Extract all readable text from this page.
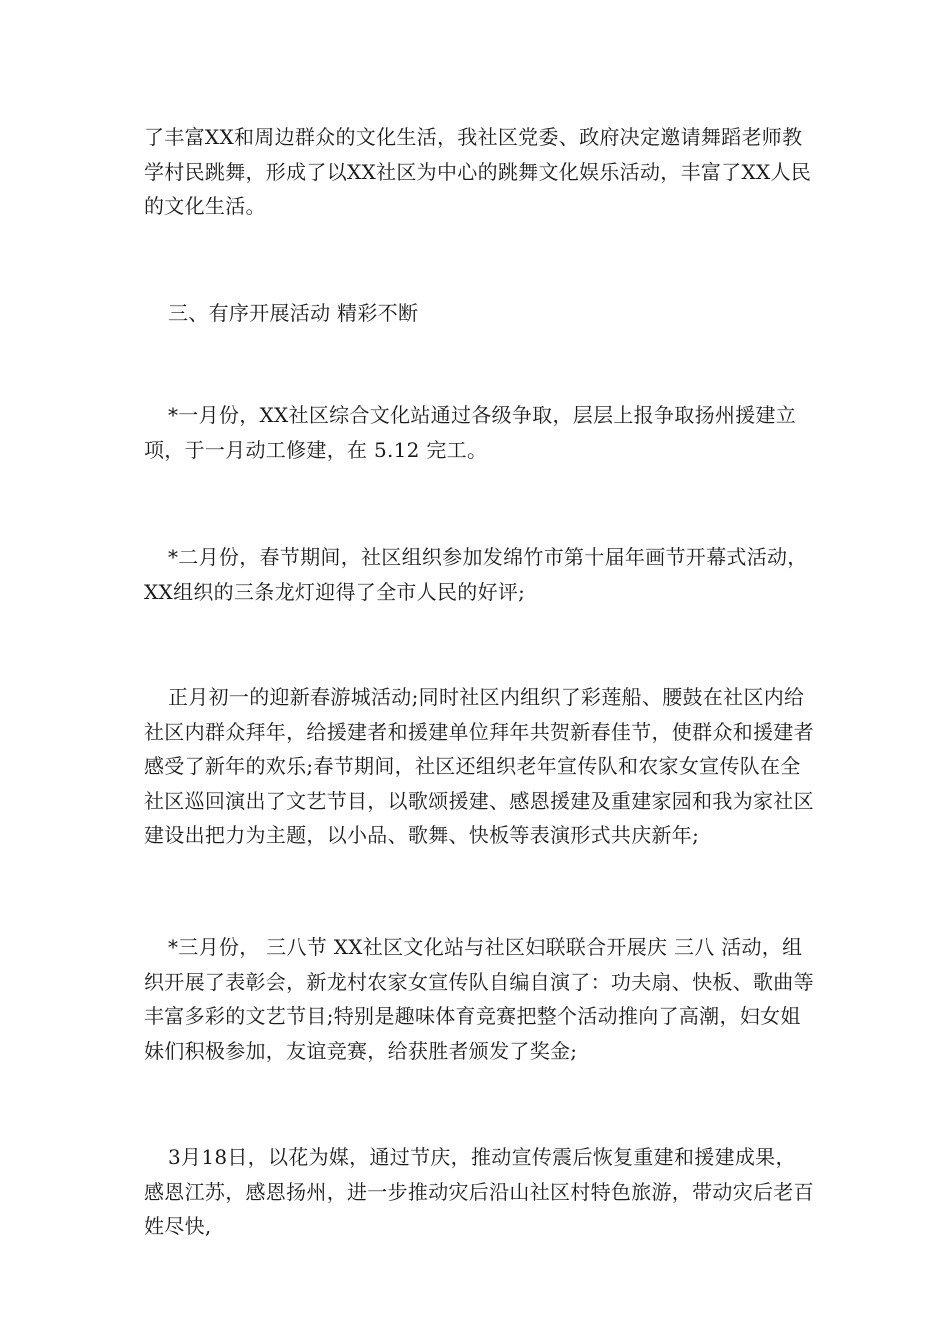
了丰富XX和周边群众的文化生活，我社区党委、政府决定邀请舞蹈老师教学村民跳舞，形成了以XX社区为中心的跳舞文化娱乐活动，丰富了XX人民的文化生活。

三、有序开展活动 精彩不断

*一月份，XX社区综合文化站通过各级争取，层层上报争取扬州援建立项，于一月动工修建，在 5.12 完工。

*二月份，春节期间，社区组织参加发绵竹市第十届年画节开幕式活动，XX组织的三条龙灯迎得了全市人民的好评;

正月初一的迎新春游城活动;同时社区内组织了彩莲船、腰鼓在社区内给社区内群众拜年，给援建者和援建单位拜年共贺新春佳节，使群众和援建者感受了新年的欢乐;春节期间，社区还组织老年宣传队和农家女宣传队在全社区巡回演出了文艺节目，以歌颂援建、感恩援建及重建家园和我为家社区建设出把力为主题，以小品、歌舞、快板等表演形式共庆新年;

*三月份， 三八节 XX社区文化站与社区妇联联合开展庆 三八 活动，组织开展了表彰会，新龙村农家女宣传队自编自演了：功夫扇、快板、歌曲等丰富多彩的文艺节目;特别是趣味体育竞赛把整个活动推向了高潮，妇女姐妹们积极参加，友谊竞赛，给获胜者颁发了奖金;

3月18日，以花为媒，通过节庆，推动宣传震后恢复重建和援建成果，感恩江苏，感恩扬州，进一步推动灾后沿山社区村特色旅游，带动灾后老百姓尽快,
